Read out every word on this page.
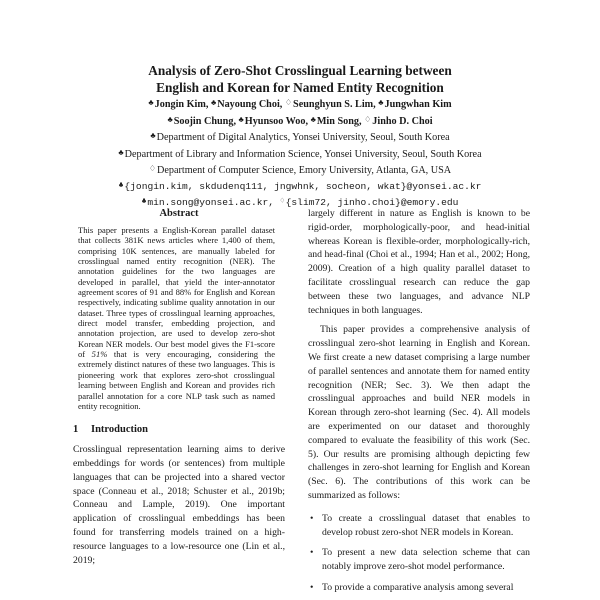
Analysis of Zero-Shot Crosslingual Learning between
English and Korean for Named Entity Recognition
♣Jongin Kim, ♣Nayoung Choi, ♢Seunghyun S. Lim, ♣Jungwhan Kim
♣Soojin Chung, ♣Hyunsoo Woo, ♣Min Song, ♢Jinho D. Choi
♣Department of Digital Analytics, Yonsei University, Seoul, South Korea
♣Department of Library and Information Science, Yonsei University, Seoul, South Korea
♢Department of Computer Science, Emory University, Atlanta, GA, USA
♣{jongin.kim, skdudenq111, jngwhnk, socheon, wkat}@yonsei.ac.kr
♣min.song@yonsei.ac.kr, ♢{slim72, jinho.choi}@emory.edu
Abstract
This paper presents a English-Korean parallel dataset that collects 381K news articles where 1,400 of them, comprising 10K sentences, are manually labeled for crosslingual named entity recognition (NER). The annotation guidelines for the two languages are developed in parallel, that yield the inter-annotator agreement scores of 91 and 88% for English and Korean respectively, indicating sublime quality annotation in our dataset. Three types of crosslingual learning approaches, direct model transfer, embedding projection, and annotation projection, are used to develop zero-shot Korean NER models. Our best model gives the F1-score of 51% that is very encouraging, considering the extremely distinct natures of these two languages. This is pioneering work that explores zero-shot crosslingual learning between English and Korean and provides rich parallel annotation for a core NLP task such as named entity recognition.
1 Introduction

Crosslingual representation learning aims to derive embeddings for words (or sentences) from multiple languages that can be projected into a shared vector space (Conneau et al., 2018; Schuster et al., 2019b; Conneau and Lample, 2019). One important application of crosslingual embeddings has been found for transferring models trained on a high-resource languages to a low-resource one (Lin et al., 2019;

largely different in nature as English is known to be rigid-order, morphologically-poor, and head-initial whereas Korean is flexible-order, morphologically-rich, and head-final (Choi et al., 1994; Han et al., 2002; Hong, 2009). Creation of a high quality parallel dataset to facilitate crosslingual research can reduce the gap between these two languages, and advance NLP techniques in both languages.

This paper provides a comprehensive analysis of crosslingual zero-shot learning in English and Korean. We first create a new dataset comprising a large number of parallel sentences and annotate them for named entity recognition (NER; Sec. 3). We then adapt the crosslingual approaches and build NER models in Korean through zero-shot learning (Sec. 4). All models are experimented on our dataset and thoroughly compared to evaluate the feasibility of this work (Sec. 5). Our results are promising although depicting few challenges in zero-shot learning for English and Korean (Sec. 6). The contributions of this work can be summarized as follows:

• To create a crosslingual dataset that enables to develop robust zero-shot NER models in Korean.
• To present a new data selection scheme that can notably improve zero-shot model performance.
• To provide a comparative analysis among several
